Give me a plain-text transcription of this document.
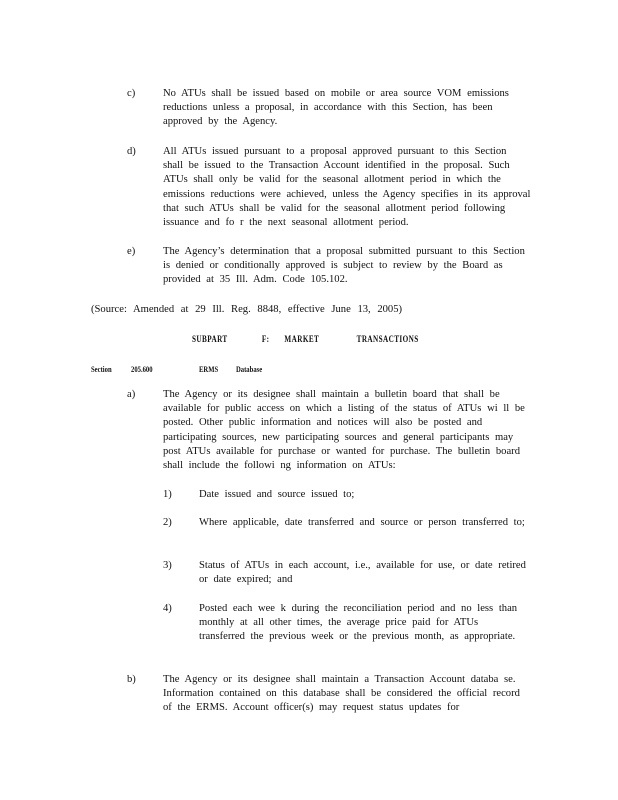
c)	No ATUs shall be issued based on mobile or area source VOM emissions reductions unless a proposal, in accordance with this Section, has been approved by the Agency.
d)	All ATUs issued pursuant to a proposal approved pursuant to this Section shall be issued to the Transaction Account identified in the proposal. Such ATUs shall only be valid for the seasonal allotment period in which the emissions reductions were achieved, unless the Agency specifies in its approval that such ATUs shall be valid for the seasonal allotment period following issuance and fo r the next seasonal allotment period.
e)	The Agency’s determination that a proposal submitted pursuant to this Section is denied or conditionally approved is subject to review by the Board as provided at 35 Ill. Adm. Code 105.102.
(Source: Amended at 29 Ill. Reg. 8848, effective June 13, 2005)
SUBPART	F: MARKET	TRANSACTIONS
Section 205.600	ERMS Database
a)	The Agency or its designee shall maintain a bulletin board that shall be available for public access on which a listing of the status of ATUs wi ll be posted. Other public information and notices will also be posted and participating sources, new participating sources and general participants may post ATUs available for purchase or wanted for purchase. The bulletin board shall include the followi ng information on ATUs:
1)	Date issued and source issued to;
2)	Where applicable, date transferred and source or person transferred to;
3)	Status of ATUs in each account, i.e., available for use, or date retired or date expired; and
4)	Posted each wee k during the reconciliation period and no less than monthly at all other times, the average price paid for ATUs transferred the previous week or the previous month, as appropriate.
b)	The Agency or its designee shall maintain a Transaction Account databa se. Information contained on this database shall be considered the official record of the ERMS. Account officer(s) may request status updates for
